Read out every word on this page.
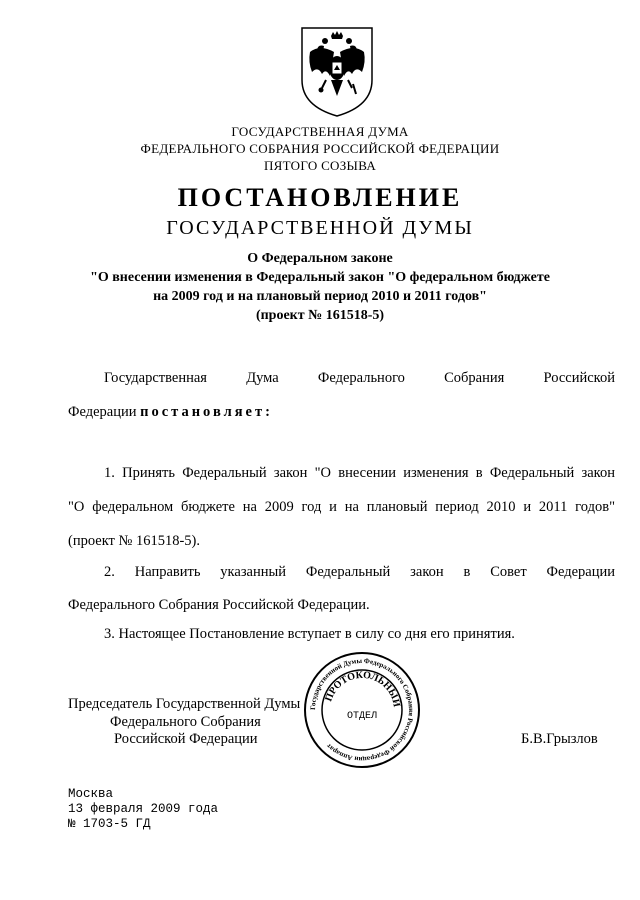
ГОСУДАРСТВЕННАЯ ДУМА
ФЕДЕРАЛЬНОГО СОБРАНИЯ РОССИЙСКОЙ ФЕДЕРАЦИИ
ПЯТОГО СОЗЫВА
ПОСТАНОВЛЕНИЕ
ГОСУДАРСТВЕННОЙ ДУМЫ
О Федеральном законе
"О внесении изменения в Федеральный закон "О федеральном бюджете
на 2009 год и на плановый период 2010 и 2011 годов"
(проект № 161518-5)
Государственная Дума Федерального Собрания Российской
Федерации постановляет:
1. Принять Федеральный закон "О внесении изменения в Федеральный закон
"О федеральном бюджете на 2009 год и на плановый период 2010 и 2011 годов"
(проект № 161518-5).
2. Направить указанный Федеральный закон в Совет Федерации
Федерального Собрания Российской Федерации.
3. Настоящее Постановление вступает в силу со дня его принятия.
Государственной Думы Федерального Собрания Российской Федерации Аппарат
ПРОТОКОЛЬНЫЙ
ОТДЕЛ
Председатель Государственной Думы
Федерального Собрания
Российской Федерации	Б.В.Грызлов
Москва
13 февраля 2009 года
№ 1703-5 ГД
